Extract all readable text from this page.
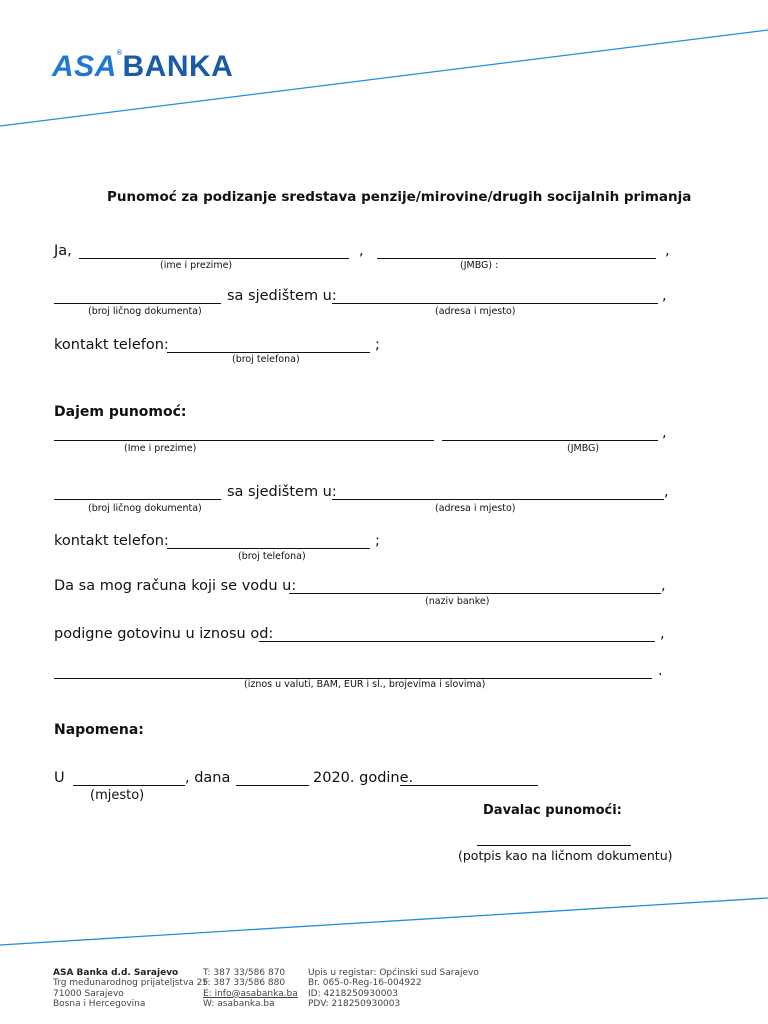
ASA®BANKA
Punomoć za podizanje sredstava penzije/mirovine/drugih socijalnih primanja
Ja,	,	,
(ime i prezime)	(JMBG) :
sa sjedištem u:	,
(broj ličnog dokumenta)	(adresa i mjesto)
kontakt telefon:	;
(broj telefona)
Dajem punomoć:
,
(Ime i prezime)	(JMBG)
sa sjedištem u:	,
(broj ličnog dokumenta)	(adresa i mjesto)
kontakt telefon:	;
(broj telefona)
Da sa mog računa koji se vodu u:	,
(naziv banke)
podigne gotovinu u iznosu od:	,
.
(iznos u valuti, BAM, EUR i sl., brojevima i slovima)
Napomena:
U	, dana	2020. godine.
(mjesto)
Davalac punomoći:
(potpis kao na ličnom dokumentu)

ASA Banka d.d. Sarajevo
Trg međunarodnog prijateljstva 25
71000 Sarajevo
Bosna i Hercegovina

T: 387 33/586 870
F: 387 33/586 880
E: info@asabanka.ba
W: asabanka.ba

Upis u registar: Općinski sud Sarajevo
Br. 065-0-Reg-16-004922
ID: 4218250930003
PDV: 218250930003
